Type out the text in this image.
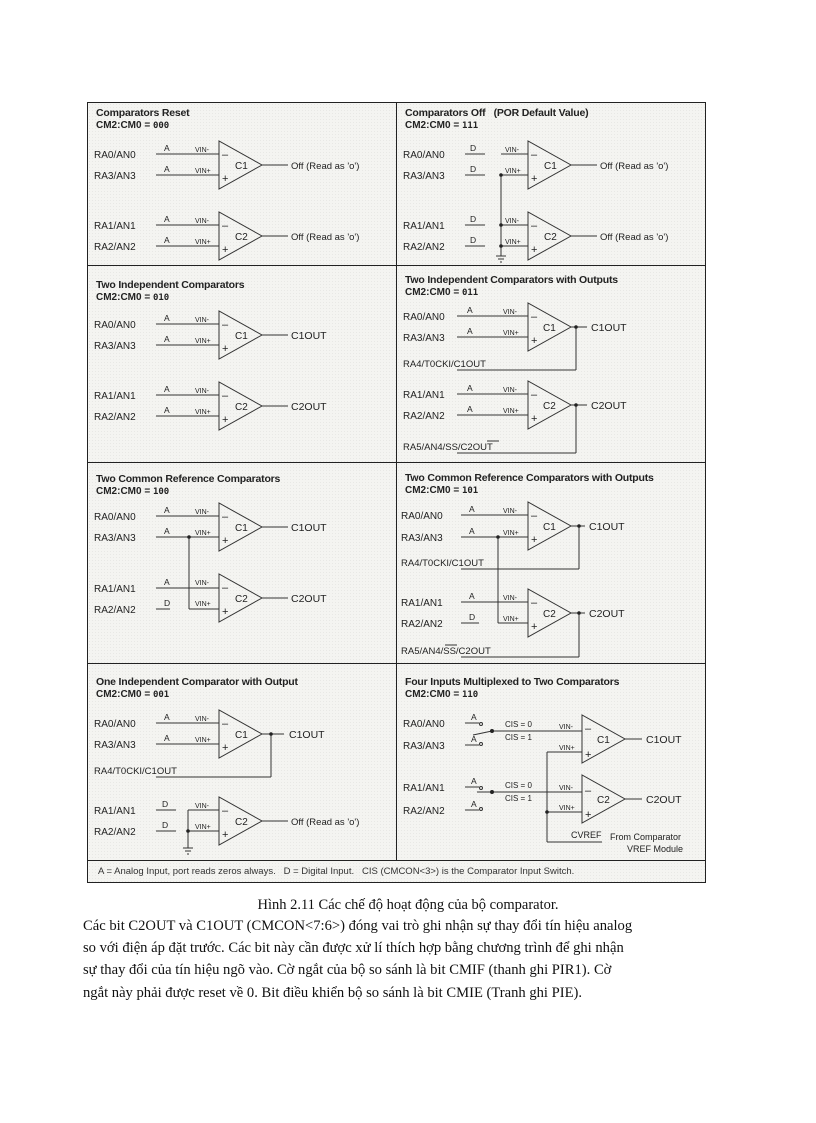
Comparators Reset
CM2:CM0 = 000
RA0/AN0
RA3/AN3
RA1/AN1
RA2/AN2
A
A
A
A
VIN-
VIN+
VIN-
VIN+
–
+
–
+
C1
C2
Off (Read as 'o')
Off (Read as 'o')
Comparators Off   (POR Default Value)
CM2:CM0 = 111
RA0/AN0
RA3/AN3
RA1/AN1
RA2/AN2
D
D
D
D
VIN-
VIN+
VIN-
VIN+
–
+
–
+
C1
C2
Off (Read as 'o')
Off (Read as 'o')
Two Independent Comparators
CM2:CM0 = 010
RA0/AN0
RA3/AN3
RA1/AN1
RA2/AN2
A
A
A
A
VIN-
VIN+
VIN-
VIN+
–
+
–
+
C1
C2
C1OUT
C2OUT
Two Independent Comparators with Outputs
CM2:CM0 = 011
RA0/AN0
RA3/AN3
RA4/T0CKI/C1OUT
RA1/AN1
RA2/AN2
RA5/AN4/SS/C2OUT
A
A
A
A
VIN-
VIN+
VIN-
VIN+
–
+
–
+
C1
C2
C1OUT
C2OUT
Two Common Reference Comparators
CM2:CM0 = 100
RA0/AN0
RA3/AN3
RA1/AN1
RA2/AN2
A
A
A
D
VIN-
VIN+
VIN-
VIN+
–
+
–
+
C1
C2
C1OUT
C2OUT
Two Common Reference Comparators with Outputs
CM2:CM0 = 101
RA0/AN0
RA3/AN3
RA4/T0CKI/C1OUT
RA1/AN1
RA2/AN2
RA5/AN4/SS/C2OUT
A
A
A
D
VIN-
VIN+
VIN-
VIN+
–
+
–
+
C1
C2
C1OUT
C2OUT
One Independent Comparator with Output
CM2:CM0 = 001
RA0/AN0
RA3/AN3
RA4/T0CKI/C1OUT
RA1/AN1
RA2/AN2
A
A
D
D
VIN-
VIN+
VIN-
VIN+
–
+
–
+
C1
C2
C1OUT
Off (Read as 'o')
Four Inputs Multiplexed to Two Comparators
CM2:CM0 = 110
RA0/AN0
RA3/AN3
RA1/AN1
RA2/AN2
A
A
A
A
CIS = 0
CIS = 1
CIS = 0
CIS = 1
VIN-
VIN+
VIN-
VIN+
–
+
–
+
C1
C2
C1OUT
C2OUT
CVREF From Comparator
VREF Module
A = Analog Input, port reads zeros always.   D = Digital Input.   CIS (CMCON<3>) is the Comparator Input Switch.
Hình 2.11 Các chế độ hoạt động của bộ comparator.
Các bit C2OUT và C1OUT (CMCON<7:6>) đóng vai trò ghi nhận sự thay đổi tín hiệu analog
so với điện áp đặt trước. Các bit này cần được xử lí thích hợp bằng chương trình để ghi nhận
sự thay đổi của tín hiệu ngõ vào. Cờ ngắt của bộ so sánh là bit CMIF (thanh ghi PIR1). Cờ
ngắt này phải được reset về 0. Bit điều khiển bộ so sánh là bit CMIE (Tranh ghi PIE).
